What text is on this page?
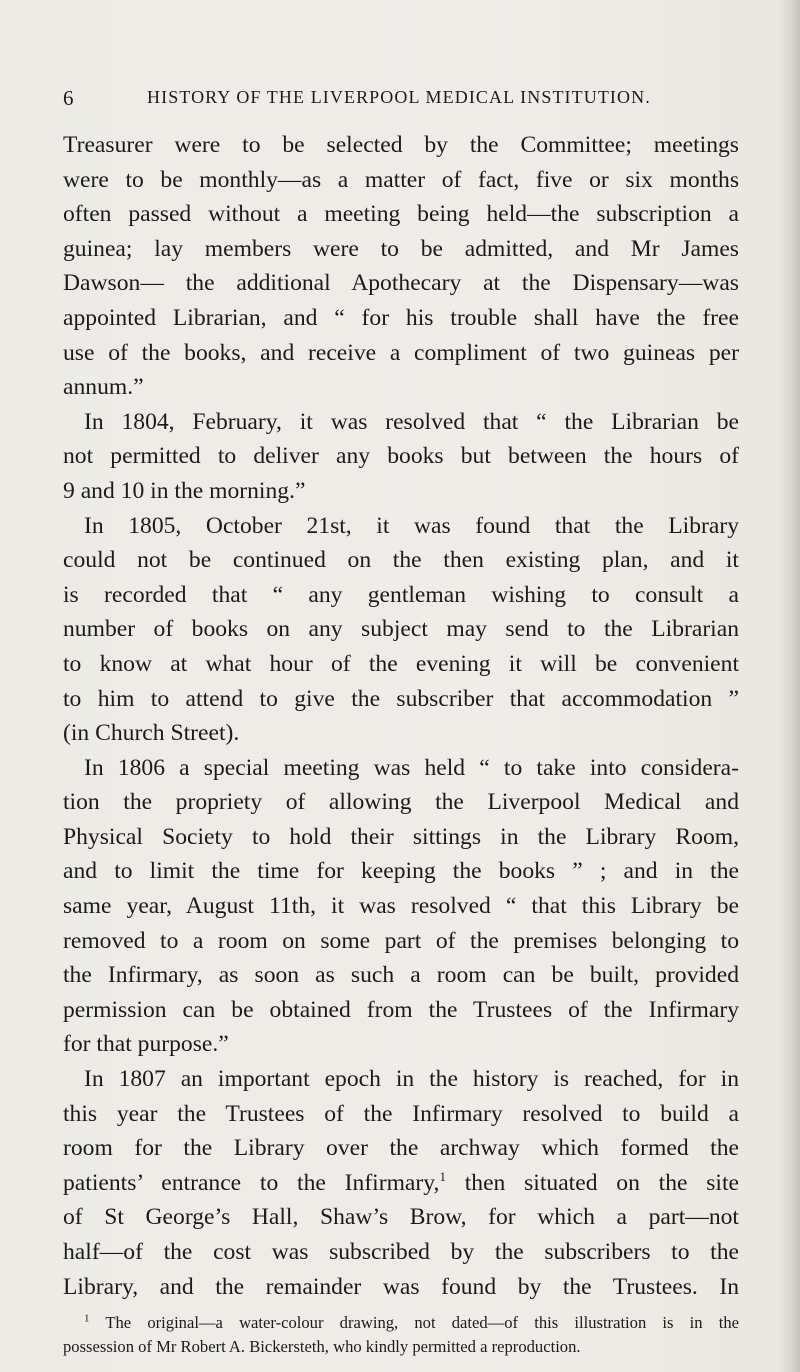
6	HISTORY OF THE LIVERPOOL MEDICAL INSTITUTION.
Treasurer were to be selected by the Committee; meetings
were to be monthly—as a matter of fact, five or six months
often passed without a meeting being held—the subscription a
guinea; lay members were to be admitted, and Mr James
Dawson— the additional Apothecary at the Dispensary—was
appointed Librarian, and “ for his trouble shall have the free
use of the books, and receive a compliment of two guineas per
annum.”
In 1804, February, it was resolved that “ the Librarian be
not permitted to deliver any books but between the hours of
9 and 10 in the morning.”
In 1805, October 21st, it was found that the Library
could not be continued on the then existing plan, and it
is recorded that “ any gentleman wishing to consult a
number of books on any subject may send to the Librarian
to know at what hour of the evening it will be convenient
to him to attend to give the subscriber that accommodation ”
(in Church Street).
In 1806 a special meeting was held “ to take into considera-
tion the propriety of allowing the Liverpool Medical and
Physical Society to hold their sittings in the Library Room,
and to limit the time for keeping the books ” ; and in the
same year, August 11th, it was resolved “ that this Library be
removed to a room on some part of the premises belonging to
the Infirmary, as soon as such a room can be built, provided
permission can be obtained from the Trustees of the Infirmary
for that purpose.”
In 1807 an important epoch in the history is reached, for in
this year the Trustees of the Infirmary resolved to build a
room for the Library over the archway which formed the
patients’ entrance to the Infirmary,$^1$ then situated on the site
of St George’s Hall, Shaw’s Brow, for which a part—not
half—of the cost was subscribed by the subscribers to the
Library, and the remainder was found by the Trustees. In
$^1$ The original—a water-colour drawing, not dated—of this illustration is in the
possession of Mr Robert A. Bickersteth, who kindly permitted a reproduction.
